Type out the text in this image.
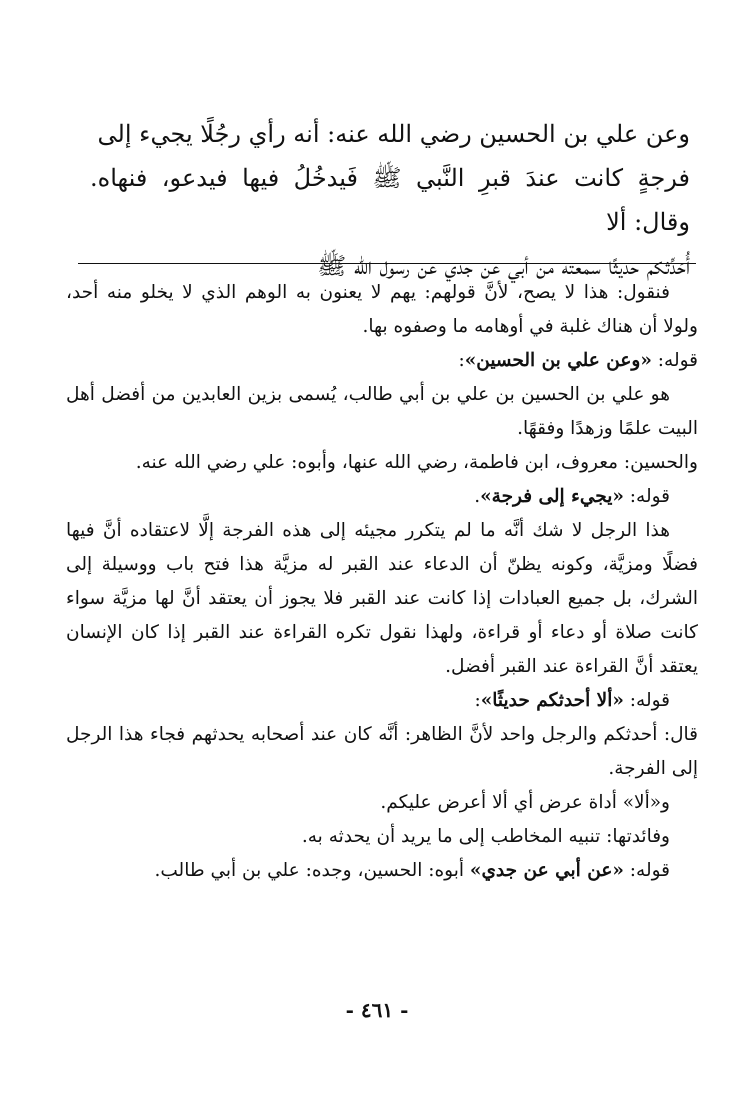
وعن علي بن الحسين رضي الله عنه: أنه رأي رجُلًا يجيء إلى
فرجةٍ كانت عندَ قبرِ النَّبي ﷺ فَيدخُلُ فيها فيدعو، فنهاه. وقال: ألا
أُحَدِّثكم حديثًا سمعته من أبي عن جدي عن رسول الله ﷺ

فنقول: هذا لا يصح، لأنَّ قولهم: يهم لا يعنون به الوهم الذي لا يخلو منه أحد، ولولا أن هناك غلبة في أوهامه ما وصفوه بها.

قوله: «وعن علي بن الحسين»:

هو علي بن الحسين بن علي بن أبي طالب، يُسمى بزين العابدين من أفضل أهل البيت علمًا وزهدًا وفقهًا.

والحسين: معروف، ابن فاطمة، رضي الله عنها، وأبوه: علي رضي الله عنه.

قوله: «يجيء إلى فرجة».

هذا الرجل لا شك أنَّه ما لم يتكرر مجيئه إلى هذه الفرجة إلَّا لاعتقاده أنَّ فيها فضلًا ومزيَّة، وكونه يظنّ أن الدعاء عند القبر له مزيَّة هذا فتح باب ووسيلة إلى الشرك، بل جميع العبادات إذا كانت عند القبر فلا يجوز أن يعتقد أنَّ لها مزيَّة سواء كانت صلاة أو دعاء أو قراءة، ولهذا نقول تكره القراءة عند القبر إذا كان الإنسان يعتقد أنَّ القراءة عند القبر أفضل.

قوله: «ألا أحدثكم حديثًا»:

قال: أحدثكم والرجل واحد لأنَّ الظاهر: أنَّه كان عند أصحابه يحدثهم فجاء هذا الرجل إلى الفرجة.

و«ألا» أداة عرض أي ألا أعرض عليكم.

وفائدتها: تنبيه المخاطب إلى ما يريد أن يحدثه به.

قوله: «عن أبي عن جدي» أبوه: الحسين، وجده: علي بن أبي طالب.

- ٤٦١ -
